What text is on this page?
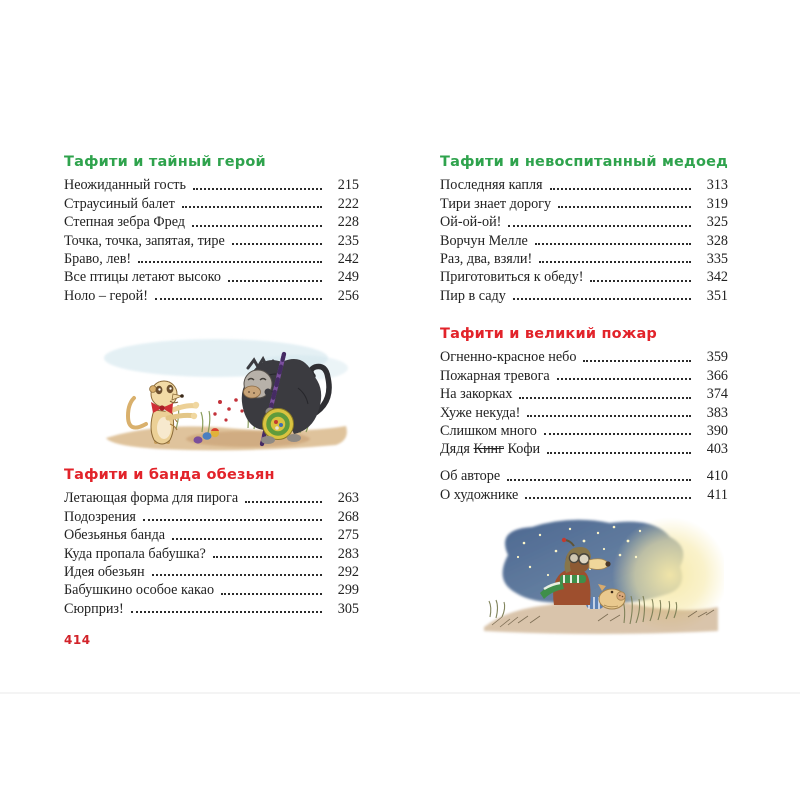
Тафити и тайный герой
Неожиданный гость	215
Страусиный балет	222
Степная зебра Фред	228
Точка, точка, запятая, тире	235
Браво, лев!	242
Все птицы летают высоко	249
Ноло – герой!	256
Тафити и банда обезьян
Летающая форма для пирога	263
Подозрения	268
Обезьянья банда	275
Куда пропала бабушка?	283
Идея обезьян	292
Бабушкино особое какао	299
Сюрприз!	305
414
Тафити и невоспитанный медоед
Последняя капля	313
Тири знает дорогу	319
Ой-ой-ой!	325
Ворчун Мелле	328
Раз, два, взяли!	335
Приготовиться к обеду!	342
Пир в саду	351
Тафити и великий пожар
Огненно-красное небо	359
Пожарная тревога	366
На закорках	374
Хуже некуда!	383
Слишком много	390
Дядя Кинг Кофи	403
Об авторе	410
О художнике	411
